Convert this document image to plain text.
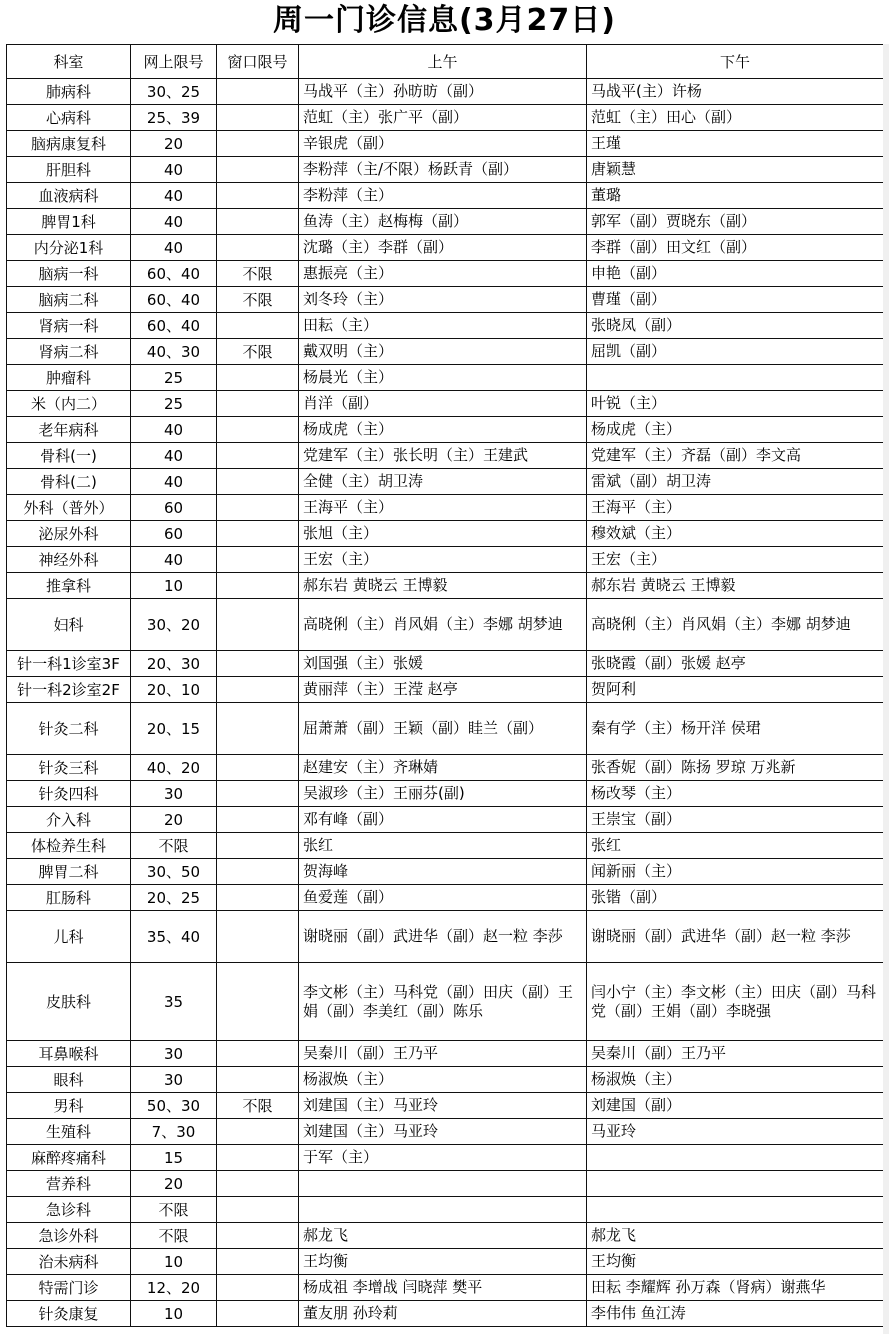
周一门诊信息(3月27日)
科室	网上限号	窗口限号	上午	下午
肺病科	30、25		马战平（主）孙昉昉（副）	马战平(主）许杨
心病科	25、39		范虹（主）张广平（副）	范虹（主）田心（副）
脑病康复科	20		辛银虎（副）	王瑾
肝胆科	40		李粉萍（主/不限）杨跃青（副）	唐颖慧
血液病科	40		李粉萍（主）	董璐
脾胃1科	40		鱼涛（主）赵梅梅（副）	郭军（副）贾晓东（副）
内分泌1科	40		沈璐（主）李群（副）	李群（副）田文红（副）
脑病一科	60、40	不限	惠振亮（主）	申艳（副）
脑病二科	60、40	不限	刘冬玲（主）	曹瑾（副）
肾病一科	60、40		田耘（主）	张晓凤（副）
肾病二科	40、30	不限	戴双明（主）	屈凯（副）
肿瘤科	25		杨晨光（主）	
米（内二）	25		肖洋（副）	叶锐（主）
老年病科	40		杨成虎（主）	杨成虎（主）
骨科(一)	40		党建军（主）张长明（主）王建武	党建军（主）齐磊（副）李文高
骨科(二)	40		全健（主）胡卫涛	雷斌（副）胡卫涛
外科（普外）	60		王海平（主）	王海平（主）
泌尿外科	60		张旭（主）	穆效斌（主）
神经外科	40		王宏（主）	王宏（主）
推拿科	10		郝东岩 黄晓云 王博毅	郝东岩 黄晓云 王博毅
妇科	30、20		高晓俐（主）肖风娟（主）李娜 胡梦迪	高晓俐（主）肖风娟（主）李娜 胡梦迪
针一科1诊室3F	20、30		刘国强（主）张媛	张晓霞（副）张媛 赵亭
针一科2诊室2F	20、10		黄丽萍（主）王滢 赵亭	贺阿利
针灸二科	20、15		屈萧萧（副）王颖（副）眭兰（副）	秦有学（主）杨开洋 侯珺
针灸三科	40、20		赵建安（主）齐琳婧	张香妮（副）陈扬 罗琼 万兆新
针灸四科	30		吴淑珍（主）王丽芬(副)	杨改琴（主）
介入科	20		邓有峰（副）	王崇宝（副）
体检养生科	不限		张红	张红
脾胃二科	30、50		贺海峰	闻新丽（主）
肛肠科	20、25		鱼爱莲（副）	张锴（副）
儿科	35、40		谢晓丽（副）武进华（副）赵一粒 李莎	谢晓丽（副）武进华（副）赵一粒 李莎
皮肤科	35		李文彬（主）马科党（副）田庆（副）王娟（副）李美红（副）陈乐	闫小宁（主）李文彬（主）田庆（副）马科党（副）王娟（副）李晓强
耳鼻喉科	30		吴秦川（副）王乃平	吴秦川（副）王乃平
眼科	30		杨淑焕（主）	杨淑焕（主）
男科	50、30	不限	刘建国（主）马亚玲	刘建国（副）
生殖科	7、30		刘建国（主）马亚玲	马亚玲
麻醉疼痛科	15		于军（主）	
营养科	20			
急诊科	不限			
急诊外科	不限		郝龙飞	郝龙飞
治未病科	10		王均衡	王均衡
特需门诊	12、20		杨成祖 李增战 闫晓萍 樊平	田耘 李耀辉 孙万森（肾病）谢燕华
针灸康复	10		董友朋 孙玲莉	李伟伟 鱼江涛
